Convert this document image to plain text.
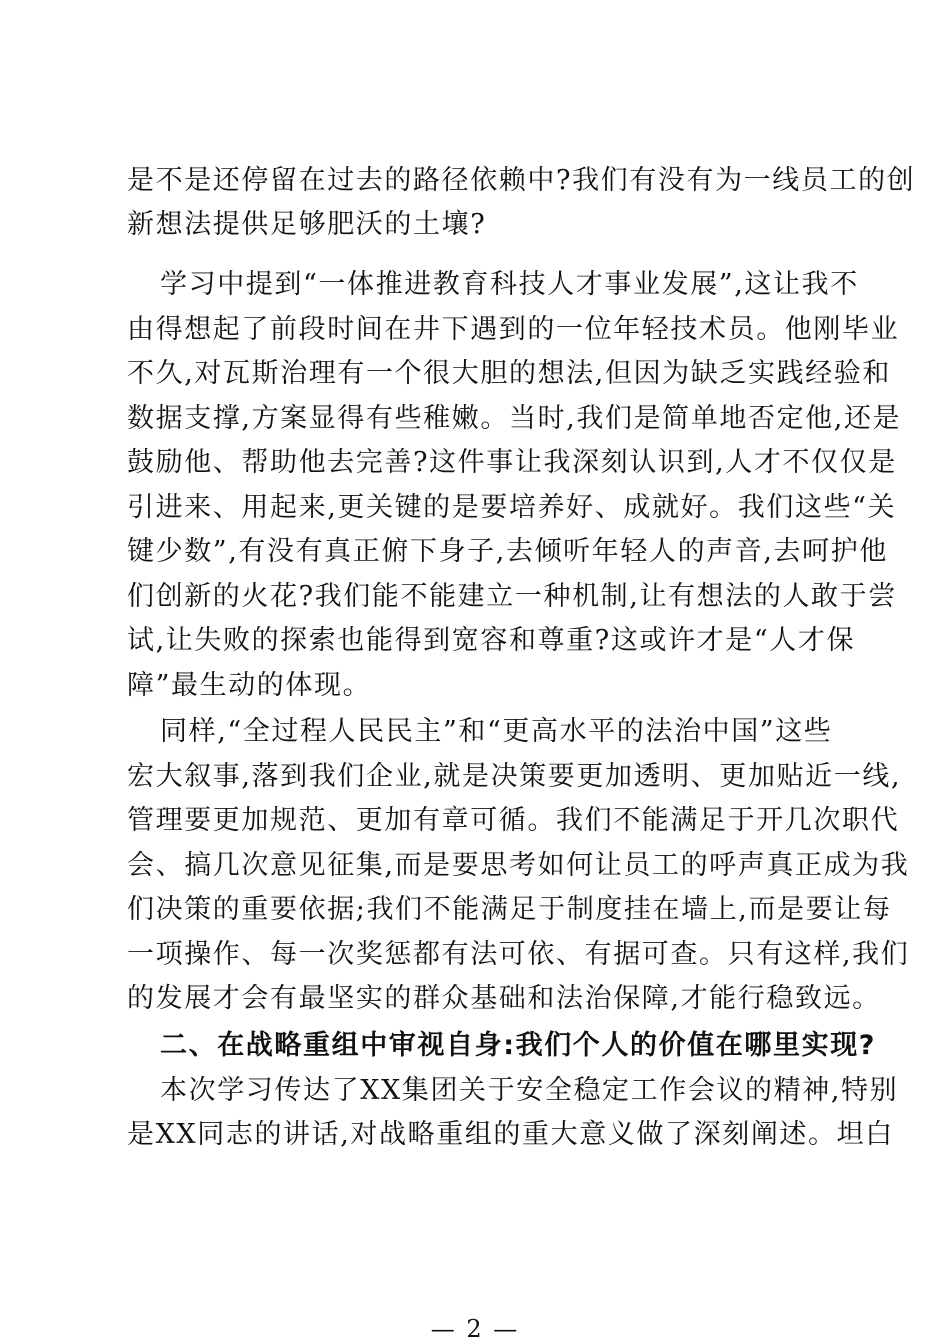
是不是还停留在过去的路径依赖中?我们有没有为一线员工的创
新想法提供足够肥沃的土壤?
学习中提到“一体推进教育科技人才事业发展”,这让我不
由得想起了前段时间在井下遇到的一位年轻技术员。他刚毕业
不久,对瓦斯治理有一个很大胆的想法,但因为缺乏实践经验和
数据支撑,方案显得有些稚嫩。当时,我们是简单地否定他,还是
鼓励他、帮助他去完善?这件事让我深刻认识到,人才不仅仅是
引进来、用起来,更关键的是要培养好、成就好。我们这些“关
键少数”,有没有真正俯下身子,去倾听年轻人的声音,去呵护他
们创新的火花?我们能不能建立一种机制,让有想法的人敢于尝
试,让失败的探索也能得到宽容和尊重?这或许才是“人才保
障”最生动的体现。
同样,“全过程人民民主”和“更高水平的法治中国”这些
宏大叙事,落到我们企业,就是决策要更加透明、更加贴近一线,
管理要更加规范、更加有章可循。我们不能满足于开几次职代
会、搞几次意见征集,而是要思考如何让员工的呼声真正成为我
们决策的重要依据;我们不能满足于制度挂在墙上,而是要让每
一项操作、每一次奖惩都有法可依、有据可查。只有这样,我们
的发展才会有最坚实的群众基础和法治保障,才能行稳致远。
二、在战略重组中审视自身:我们个人的价值在哪里实现?
本次学习传达了XX集团关于安全稳定工作会议的精神,特别
是XX同志的讲话,对战略重组的重大意义做了深刻阐述。坦白
— 2 —
